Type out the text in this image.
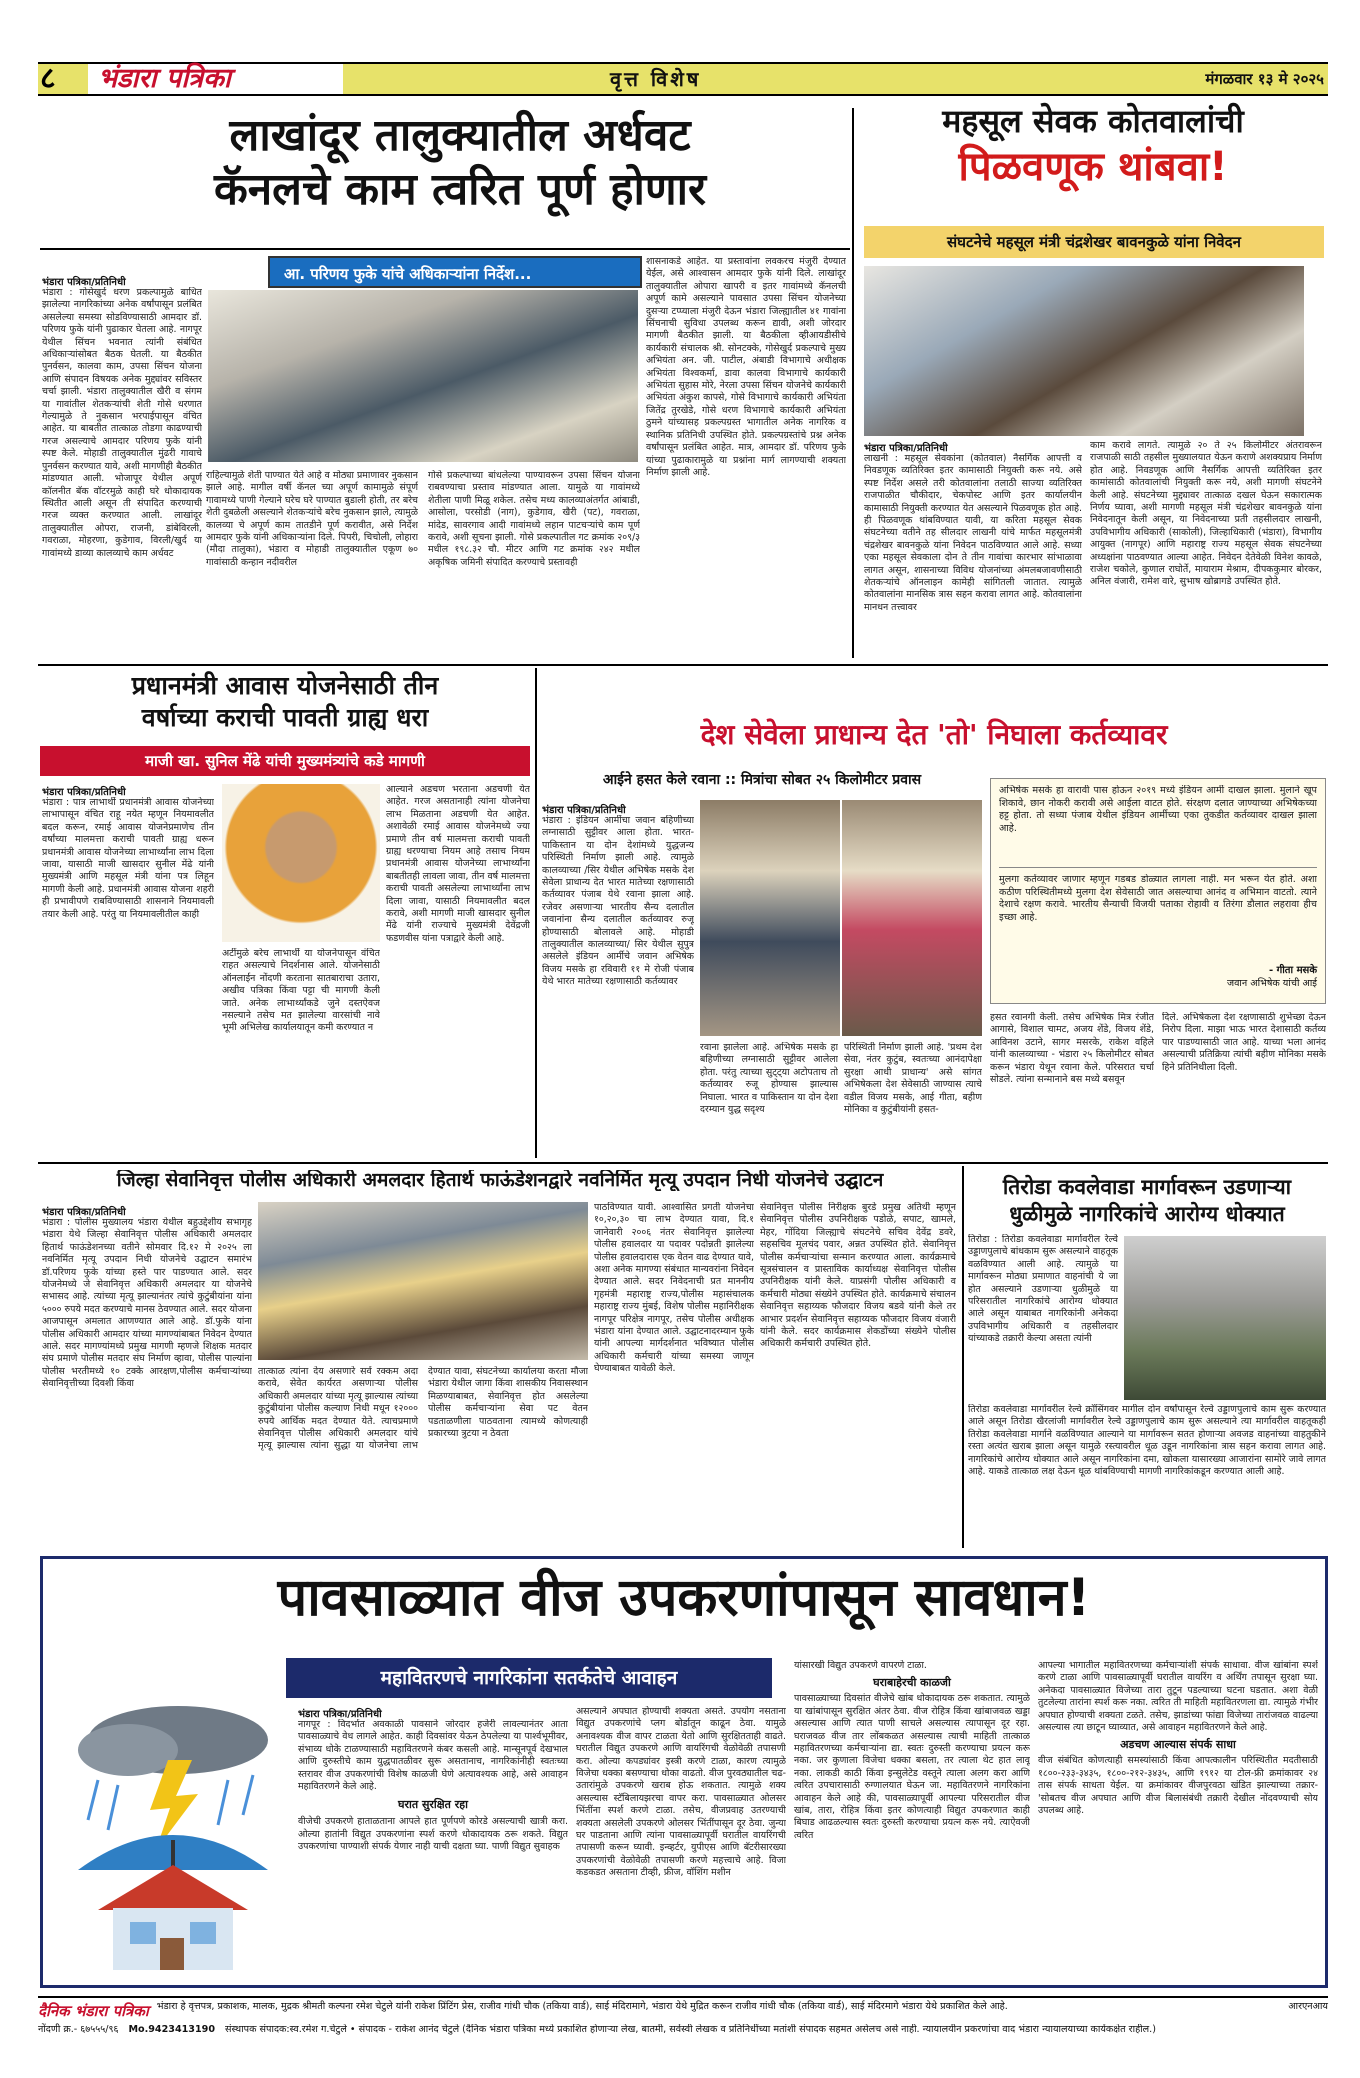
८	भंडारा पत्रिका	वृत्त विशेष	मंगळवार १३ मे २०२५
लाखांदूर तालुक्यातील अर्धवट
कॅनलचे काम त्वरित पूर्ण होणार
भंडारा पत्रिका/प्रतिनिधी
भंडारा : गोसेखुर्द धरण प्रकल्पामुळे बाधित झालेल्या नागरिकांच्या अनेक वर्षांपासून प्रलंबित असलेल्या समस्या सोडविण्यासाठी आमदार डॉ. परिणय फुके यांनी पुढाकार घेतला आहे. नागपूर येथील सिंचन भवनात त्यांनी संबंधित अधिकाऱ्यांसोबत बैठक घेतली. या बैठकीत पुनर्वसन, कालवा काम, उपसा सिंचन योजना आणि संपादन विषयक अनेक मुद्द्यांवर सविस्तर चर्चा झाली. भंडारा तालुक्यातील खैरी व संगम या गावांतील शेतकऱ्यांची शेती गोसे धरणात गेल्यामुळे ते नुकसान भरपाईपासून वंचित आहेत. या बाबतीत तात्काळ तोडगा काढण्याची गरज असल्याचे आमदार परिणय फुके यांनी स्पष्ट केले. मोहाडी तालुक्यातील मुंढरी गावाचे पुनर्वसन करण्यात यावे, अशी मागणीही बैठकीत मांडण्यात आली. भोजापूर येथील अपूर्ण कॉलनीत बॅक वॉटरमुळे काही घरे धोकादायक स्थितीत आली असून ती संपादित करण्याची गरज व्यक्त करण्यात आली. लाखांदूर तालुक्यातील ओपरा, राजनी, डांबेविरली, गवराळा, मोहरणा, कुडेगाव, विरली/खुर्द या गावांमध्ये डाव्या कालव्याचे काम अर्धवट
आ. परिणय फुके यांचे अधिकाऱ्यांना निर्देश...
राहिल्यामुळे शेती पाण्यात येते आहे व मोठ्या प्रमाणावर नुकसान झाले आहे. मागील वर्षी कॅनल च्या अपूर्ण कामामुळे संपूर्ण गावामध्ये पाणी गेल्याने घरेच घरे पाण्यात बुडाली होती, तर बरेच शेती दुबळेली असल्याने शेतकऱ्यांचे बरेच नुकसान झाले, त्यामुळे कालव्या चे अपूर्ण काम तातडीने पूर्ण करावीत, असे निर्देश आमदार फुके यांनी अधिकाऱ्यांना दिले. पिपरी, चिचोली, लोहारा (मौदा तालुका), भंडारा व मोहाडी तालुक्यातील एकूण ७० गावांसाठी कन्हान नदीवरील
गोसे प्रकल्पाच्या बांधलेल्या पाण्यावरून उपसा सिंचन योजना राबवण्याचा प्रस्ताव मांडण्यात आला. यामुळे या गावांमध्ये शेतीला पाणी मिळू शकेल. तसेच मध्य कालव्याअंतर्गत आंबाडी, आसोला, परसोडी (नाग), कुडेगाव, खैरी (पट), गवराळा, मांदेड, सावरगाव आदी गावांमध्ये लहान पाटचऱ्यांचे काम पूर्ण करावे, अशी सूचना झाली. गोसे प्रकल्पातील गट क्रमांक २०९/३ मधील १९८.३२ चौ. मीटर आणि गट क्रमांक २४२ मधील अकृषिक जमिनी संपादित करण्याचे प्रस्तावही
शासनाकडे आहेत. या प्रस्तावांना लवकरच मंजुरी देण्यात येईल, असे आश्वासन आमदार फुके यांनी दिले. लाखांदूर तालुक्यातील ओपारा खापरी व इतर गावांमध्ये कॅनलची अपूर्ण कामे असल्याने पावसात उपसा सिंचन योजनेच्या दुसऱ्या टप्प्याला मंजुरी देऊन भंडारा जिल्ह्यातील ४१ गावांना सिंचनाची सुविधा उपलब्ध करून द्यावी, अशी जोरदार मागणी बैठकीत झाली. या बैठकीला व्हीआयडीसीचे कार्यकारी संचालक श्री. सोनटक्के, गोसेखुर्द प्रकल्पाचे मुख्य अभियंता अन. जी. पाटील, अंबाडी विभागाचे अधीक्षक अभियंता विश्वकर्मा, डावा कालवा विभागाचे कार्यकारी अभियंता सुहास मोरे, नेरला उपसा सिंचन योजनेचे कार्यकारी अभियंता अंकुश कापसे, गोसे विभागाचे कार्यकारी अभियंता जितेंद्र तुरखेडे, गोसे धरण विभागाचे कार्यकारी अभियंता ठुमने यांच्यासह प्रकल्पग्रस्त भागातील अनेक नागरिक व स्थानिक प्रतिनिधी उपस्थित होते. प्रकल्पग्रस्तांचे प्रश्न अनेक वर्षांपासून प्रलंबित आहेत. मात्र, आमदार डॉ. परिणय फुके यांच्या पुढाकारामुळे या प्रश्नांना मार्ग लागण्याची शक्यता निर्माण झाली आहे.
महसूल सेवक कोतवालांची
पिळवणूक थांबवा!
संघटनेचे महसूल मंत्री चंद्रशेखर बावनकुळे यांना निवेदन
भंडारा पत्रिका/प्रतिनिधी
लाखनी : महसूल सेवकांना (कोतवाल) नैसर्गिक आपत्ती व निवडणूक व्यतिरिक्त इतर कामासाठी नियुक्ती करू नये. असे स्पष्ट निर्देश असले तरी कोतवालांना तलाठी साज्या व्यतिरिक्त राजपाळीत चौकीदार, चेकपोस्ट आणि इतर कार्यालयीन कामासाठी नियुक्ती करण्यात येत असल्याने पिळवणूक होत आहे. ही पिळवणूक थांबविण्यात यावी, या करिता महसूल सेवक संघटनेच्या वतीने तह सीलदार लाखनी यांचे मार्फत महसूलमंत्री चंद्रशेखर बावनकुळे यांना निवेदन पाठविण्यात आले आहे. सध्या एका महसूल सेवकाला दोन ते तीन गावांचा कारभार सांभाळावा लागत असून, शासनाच्या विविध योजनांच्या अंमलबजावणीसाठी शेतकऱ्यांचे ऑनलाइन कामेही सांगितली जातात. त्यामुळे कोतवालांना मानसिक त्रास सहन करावा लागत आहे. कोतवालांना मानधन तत्त्वावर
काम करावे लागते. त्यामुळे २० ते २५ किलोमीटर अंतरावरून राजपाळी साठी तहसील मुख्यालयात येऊन कराणे अशक्यप्राय निर्माण होत आहे. निवडणूक आणि नैसर्गिक आपत्ती व्यतिरिक्त इतर कामांसाठी कोतवालांची नियुक्ती करू नये, अशी मागणी संघटनेने केली आहे. संघटनेच्या मुद्द्यावर तात्काळ दखल घेऊन सकारात्मक निर्णय घ्यावा, अशी मागणी महसूल मंत्री चंद्रशेखर बावनकुळे यांना निवेदनातून केली असून, या निवेदनाच्या प्रती तहसीलदार लाखनी, उपविभागीय अधिकारी (साकोली), जिल्हाधिकारी (भंडारा), विभागीय आयुक्त (नागपूर) आणि महाराष्ट्र राज्य महसूल सेवक संघटनेच्या अध्यक्षांना पाठवण्यात आल्या आहेत. निवेदन देतेवेळी विनेश कावळे, राजेश चकोले, कुणाल राघोर्ते, मायाराम मेश्राम, दीपककुमार बोरकर, अनिल वंजारी, रामेश वारे, सुभाष खोब्रागडे उपस्थित होते.
प्रधानमंत्री आवास योजनेसाठी तीन
वर्षाच्या कराची पावती ग्राह्य धरा
माजी खा. सुनिल मेंढे यांची मुख्यमंत्र्यांचे कडे मागणी
भंडारा पत्रिका/प्रतिनिधी
भंडारा : पात्र लाभार्थी प्रधानमंत्री आवास योजनेच्या लाभापासून वंचित राहू नयेत म्हणून नियमावलीत बदल करून, रमाई आवास योजनेप्रमाणेच तीन वर्षांच्या मालमत्ता कराची पावती ग्राह्य धरून प्रधानमंत्री आवास योजनेच्या लाभार्थ्यांना लाभ दिला जावा, यासाठी माजी खासदार सुनील मेंढे यांनी मुख्यमंत्री आणि महसूल मंत्री यांना पत्र लिहून मागणी केली आहे. प्रधानमंत्री आवास योजना शहरी ही प्रभावीपणे राबविण्यासाठी शासनाने नियमावली तयार केली आहे. परंतु या नियमावलीतील काही
अटींमुळे बरेच लाभार्थी या योजनेपासून वंचित राहत असल्याचे निदर्शनास आले. योजनेसाठी ऑनलाईन नोंदणी करताना सातबाराचा उतारा, अखीव पत्रिका किंवा पट्टा ची मागणी केली जाते. अनेक लाभार्थ्यांकडे जुने दस्तऐवज नसल्याने तसेच मत झालेल्या वारसांची नावे भूमी अभिलेख कार्यालयातून कमी करण्यात न
आल्याने अडचण भरताना अडचणी येत आहेत. गरज असतानाही त्यांना योजनेचा लाभ मिळताना अडचणी येत आहेत. अशावेळी रमाई आवास योजनेमध्ये ज्या प्रमाणे तीन वर्ष मालमत्ता कराची पावती ग्राह्य धरण्याचा नियम आहे तसाच नियम प्रधानमंत्री आवास योजनेच्या लाभार्थ्यांना बाबतीतही लावला जावा, तीन वर्ष मालमत्ता कराची पावती असलेल्या लाभार्थ्यांना लाभ दिला जावा, यासाठी नियमावलीत बदल करावे, अशी मागणी माजी खासदार सुनील मेंढे यांनी राज्याचे मुख्यमंत्री देवेंद्रजी फडणवीस यांना पत्राद्वारे केली आहे.
देश सेवेला प्राधान्य देत 'तो' निघाला कर्तव्यावर
आईने हसत केले रवाना :: मित्रांचा सोबत २५ किलोमीटर प्रवास
भंडारा पत्रिका/प्रतिनिधी
भंडारा : इंडियन आर्मीचा जवान बहिणीच्या लग्नासाठी सुट्टीवर आला होता. भारत-पाकिस्तान या दोन देशांमध्ये युद्धजन्य परिस्थिती निर्माण झाली आहे. त्यामुळे कालव्याच्या /सिर येथील अभिषेक मसके देश सेवेला प्राधान्य देत भारत मातेच्या रक्षणासाठी कर्तव्यावर पंजाब येथे रवाना झाला आहे. रजेवर असणाऱ्या भारतीय सैन्य दलातील जवानांना सैन्य दलातील कर्तव्यावर रुजू होण्यासाठी बोलावले आहे. मोहाडी तालुक्यातील कालव्याच्या/ सिर येथील सुपुत्र असलेले इंडियन आर्मीचे जवान अभिषेक विजय मसके हा रविवारी ११ मे रोजी पंजाब येथे भारत मातेच्या रक्षणासाठी कर्तव्यावर
रवाना झालेला आहे. अभिषेक मसके हा बहिणीच्या लग्नासाठी सुट्टीवर आलेला होता. परंतु त्याच्या सुट्ट्या अटोपताच तो कर्तव्यावर रुजू होण्यास झाल्यास निघाला. भारत व पाकिस्तान या दोन देशा दरम्यान युद्ध सदृश्य
परिस्थिती निर्माण झाली आहे. 'प्रथम देश सेवा, नंतर कुटुंब, स्वतःच्या आनंदापेक्षा सुरक्षा आधी प्राधान्य' असे सांगत अभिषेकला देश सेवेसाठी जाण्यास त्याचे वडील विजय मसके, आई गीता, बहीण मोनिका व कुटुंबीयांनी हसत-
अभिषेक मसके हा वारावी पास होऊन २०१९ मध्ये इंडियन आर्मी दाखल झाला. मुलाने खूप शिकावे, छान नोकरी करावी असे आईला वाटत होते. संरक्षण दलात जाण्याच्या अभिषेकच्या हट्ट होता. तो सध्या पंजाब येथील इंडियन आर्मीच्या एका तुकडीत कर्तव्यावर दाखल झाला आहे.
मुलगा कर्तव्यावर जाणार म्हणून गडबड डोळ्यात लागला नाही. मन भरून येत होते. अशा कठीण परिस्थितीमध्ये मुलगा देश सेवेसाठी जात असल्याचा आनंद व अभिमान वाटतो. त्याने देशाचे रक्षण करावे. भारतीय सैन्याची विजयी पताका रोहावी व तिरंगा डौलात लहरावा हीच इच्छा आहे.
- गीता मसके
जवान अभिषेक यांची आई
हसत रवानगी केली. तसेच अभिषेक मित्र रंजीत आगासे, विशाल चामट, अजय शेंडे, विजय शेंडे, आविनश उटाने, सागर मसरके, राकेश वहिले यांनी कालव्याच्या - भंडारा २५ किलोमीटर सोबत करून भंडारा येथून रवाना केले. परिसरात चर्चा सोडले. त्यांना सन्मानाने बस मध्ये बसवून
दिले. अभिषेकला देश रक्षणासाठी शुभेच्छा देऊन निरोप दिला. माझा भाऊ भारत देशासाठी कर्तव्य पार पाडण्यासाठी जात आहे. याच्या भला आनंद असल्याची प्रतिक्रिया त्यांची बहीण मोनिका मसके हिने प्रतिनिधीला दिली.
जिल्हा सेवानिवृत्त पोलीस अधिकारी अमलदार हितार्थ फाऊंडेशनद्वारे नवनिर्मित मृत्यू उपदान निधी योजनेचे उद्घाटन
भंडारा पत्रिका/प्रतिनिधी
भंडारा : पोलीस मुख्यालय भंडारा येथील बहुउद्देशीय सभागृह भंडारा येथे जिल्हा सेवानिवृत्त पोलीस अधिकारी अमलदार हितार्थ फाऊंडेशनच्या वतीने सोमवार दि.१२ मे २०२५ ला नवनिर्मित मृत्यू उपदान निधी योजनेचे उद्घाटन समारंभ डॉ.परिणय फुके यांच्या हस्ते पार पाडण्यात आले. सदर योजनेमध्ये जे सेवानिवृत्त अधिकारी अमलदार या योजनेचे सभासद आहे. त्यांच्या मृत्यू झाल्यानंतर त्यांचे कुटुंबीयांना यांना ५००० रुपये मदत करण्याचे मानस ठेवण्यात आले. सदर योजना आजपासून अमलात आणण्यात आले आहे. डॉ.फुके यांना पोलीस अधिकारी आमदार यांच्या मागण्यांबाबत निवेदन देण्यात आले. सदर मागण्यांमध्ये प्रमुख मागणी म्हणजे शिक्षक मतदार संघ प्रमाणे पोलीस मतदार संघ निर्माण व्हावा, पोलीस पाल्यांना पोलीस भरतीमध्ये १० टक्के आरक्षण,पोलीस कर्मचाऱ्यांच्या सेवानिवृत्तीच्या दिवशी किंवा
तात्काळ त्यांना देय असणारे सर्व रक्कम अदा करावे, सेवेत कार्यरत असणाऱ्या पोलीस अधिकारी अमलदार यांच्या मृत्यू झाल्यास त्यांच्या कुटुंबीयांना पोलीस कल्याण निधी मधून १२००० रुपये आर्थिक मदत देण्यात येते. त्याचप्रमाणे सेवानिवृत्त पोलीस अधिकारी अमलदार यांचे मृत्यू झाल्यास त्यांना सुद्धा या योजनेचा लाभ देण्यात यावा, संघटनेच्या कार्यालया करता मौजा भंडारा येथील जागा किंवा शासकीय निवासस्थान मिळण्याबाबत, सेवानिवृत्त होत असलेल्या पोलीस कर्मचाऱ्यांना सेवा पट वेतन पडताळणीला पाठवताना त्यामध्ये कोणत्याही प्रकारच्या त्रुटया न ठेवता
पाठविण्यात यावी. आश्वासित प्रगती योजनेचा १०,२०,३० चा लाभ देण्यात यावा, दि.१ जानेवारी २००६ नंतर सेवानिवृत्त झालेल्या पोलीस हवालदार या पदावर पदोन्नती झालेल्या पोलीस हवालदारास एक वेतन वाढ देण्यात यावे, अशा अनेक मागण्या संबंधात मान्यवरांना निवेदन देण्यात आले. सदर निवेदनाची प्रत माननीय गृहमंत्री महाराष्ट्र राज्य,पोलीस महासंचालक महाराष्ट्र राज्य मुंबई, विशेष पोलीस महानिरीक्षक नागपूर परिक्षेत्र नागपूर, तसेच पोलीस अधीक्षक भंडारा यांना देण्यात आले. उद्घाटनादरम्यान फुके यांनी आपल्या मार्गदर्शनात भविष्यात पोलीस अधिकारी कर्मचारी यांच्या समस्या जाणून घेण्याबाबत यावेळी केले.
सेवानिवृत्त पोलीस निरीक्षक बुरडे प्रमुख अतिथी म्हणून सेवानिवृत्त पोलीस उपनिरीक्षक पडोळे, सपाट, खामले, मेहर, गोंदिया जिल्ह्याचे संघटनेचे सचिव देवेंद्र डवरे, सहसचिव मूलचंद पवार, अन्नत उपस्थित होते. सेवानिवृत्त पोलीस कर्मचाऱ्यांचा सन्मान करण्यात आला. कार्यक्रमाचे सूत्रसंचालन व प्रास्ताविक कार्याध्यक्ष सेवानिवृत्त पोलीस उपनिरीक्षक यांनी केले. याप्रसंगी पोलीस अधिकारी व कर्मचारी मोठ्या संख्येने उपस्थित होते. कार्यक्रमाचे संचालन सेवानिवृत्त सहाय्यक फौजदार विजय बडवे यांनी केले तर आभार प्रदर्शन सेवानिवृत्त सहाय्यक फौजदार विजय वंजारी यांनी केले. सदर कार्यक्रमास शेकडोंच्या संख्येने पोलीस अधिकारी कर्मचारी उपस्थित होते.
तिरोडा कवलेवाडा मार्गावरून उडणाऱ्या
धुळीमुळे नागरिकांचे आरोग्य धोक्यात
तिरोडा : तिरोडा कवलेवाडा मार्गावरील रेल्वे उड्डाणपुलाचे बांधकाम सुरू असल्याने वाहतूक वळविण्यात आली आहे. त्यामुळे या मार्गावरून मोठ्या प्रमाणात वाहनांची ये जा होत असल्याने उडणाऱ्या धुळीमुळे या परिसरातील नागरिकांचे आरोग्य धोक्यात आले असून याबाबत नागरिकांनी अनेकदा उपविभागीय अधिकारी व तहसीलदार यांच्याकडे तक्रारी केल्या असता त्यांनी
तिरोडा कवलेवाडा मार्गावरील रेल्वे क्रॉसिंगवर मागील दोन वर्षांपासून रेल्वे उड्डाणपुलाचे काम सुरू करण्यात आले असून तिरोडा खैरलांजी मार्गावरील रेल्वे उड्डाणपुलाचे काम सुरू असल्याने त्या मार्गावरील वाहतूकही तिरोडा कवलेवाडा मार्गाने वळविण्यात आल्याने या मार्गावरून सतत होणाऱ्या अवजड वाहनांच्या वाहतुकीने रस्ता अत्यंत खराब झाला असून यामुळे रस्त्यावरील धूळ उडून नागरिकांना त्रास सहन करावा लागत आहे. नागरिकांचे आरोग्य धोक्यात आले असून नागरिकांना दमा, खोकला यासारख्या आजारांना सामोरे जावे लागत आहे. याकडे तात्काळ लक्ष देऊन धूळ थांबविण्याची मागणी नागरिकांकडून करण्यात आली आहे.
पावसाळ्यात वीज उपकरणांपासून सावधान!
महावितरणचे नागरिकांना सतर्कतेचे आवाहन
भंडारा पत्रिका/प्रतिनिधी
नागपूर : विदर्भात अवकाळी पावसाने जोरदार हजेरी लावल्यानंतर आता पावसाळ्याचे वेध लागले आहेत. काही दिवसांवर येऊन ठेपलेल्या या पार्श्वभूमीवर, संभाव्य धोके टाळण्यासाठी महावितरणने कंबर कसली आहे. मान्सूनपूर्व देखभाल आणि दुरुस्तीचे काम युद्धपातळीवर सुरू असतानाच, नागरिकांनीही स्वतःच्या स्तरावर वीज उपकरणांची विशेष काळजी घेणे अत्यावश्यक आहे, असे आवाहन महावितरणने केले आहे.
घरात सुरक्षित रहा
वीजेची उपकरणे हाताळताना आपले हात पूर्णपणे कोरडे असल्याची खात्री करा. ओल्या हातांनी विद्युत उपकरणांना स्पर्श करणे धोकादायक ठरू शकते. विद्युत उपकरणांचा पाण्याशी संपर्क येणार नाही याची दक्षता घ्या. पाणी विद्युत सुवाहक
असल्याने अपघात होण्याची शक्यता असते. उपयोग नसताना विद्युत उपकरणांचे प्लग बोर्डातून काढून ठेवा. यामुळे अनावश्यक वीज वापर टाळता येतो आणि सुरक्षितताही वाढते. घरातील विद्युत उपकरणे आणि वायरिंगची वेळोवेळी तपासणी करा. ओल्या कपड्यांवर इस्त्री करणे टाळा, कारण त्यामुळे विजेचा धक्का बसण्याचा धोका वाढतो. वीज पुरवठ्यातील चढ-उतारांमुळे उपकरणे खराब होऊ शकतात. त्यामुळे शक्य असल्यास स्टॅबिलायझरचा वापर करा. पावसाळ्यात ओलसर भिंतींना स्पर्श करणे टाळा. तसेच, वीजप्रवाह उतरण्याची शक्यता असलेली उपकरणे ओलसर भिंतींपासून दूर ठेवा. जुन्या घर पाडताना आणि त्यांना पावसाळ्यापूर्वी घरातील वायरिंगची तपासणी करून घ्यावी. इन्व्हर्टर, युपीएस आणि बॅटरीसारख्या उपकरणांची वेळोवेळी तपासणी करणे महत्त्वाचे आहे. विजा कडकडत असताना टीव्ही, फ्रीज, वॉशिंग मशीन
यांसारखी विद्युत उपकरणे वापरणे टाळा.
घराबाहेरची काळजी
पावसाळ्याच्या दिवसांत वीजेचे खांब धोकादायक ठरू शकतात. त्यामुळे या खांबांपासून सुरक्षित अंतर ठेवा. वीज रोहित्र किंवा खांबाजवळ खड्डा असल्यास आणि त्यात पाणी साचले असल्यास त्यापासून दूर रहा. घराजवळ वीज तार लोंबकळत असल्यास त्याची माहिती तात्काळ महावितरणच्या कर्मचाऱ्यांना द्या. स्वतः दुरुस्ती करण्याचा प्रयत्न करू नका. जर कुणाला विजेचा धक्का बसला, तर त्याला थेट हात लावू नका. लाकडी काठी किंवा इन्सुलेटेड वस्तूने त्याला अलग करा आणि त्वरित उपचारासाठी रुग्णालयात घेऊन जा. महावितरणने नागरिकांना आवाहन केले आहे की, पावसाळ्यापूर्वी आपल्या परिसरातील वीज खांब, तारा, रोहित्र किंवा इतर कोणत्याही विद्युत उपकरणात काही बिघाड आढळल्यास स्वतः दुरुस्ती करण्याचा प्रयत्न करू नये. त्याऐवजी त्वरित
आपल्या भागातील महावितरणच्या कर्मचाऱ्यांशी संपर्क साधावा. वीज खांबांना स्पर्श करणे टाळा आणि पावसाळ्यापूर्वी घरातील वायरिंग व अर्थिंग तपासून सुरक्षा घ्या. अनेकदा पावसाळ्यात विजेच्या तारा तुटून पडल्याच्या घटना घडतात. अशा वेळी तुटलेल्या तारांना स्पर्श करू नका. त्वरित ती माहिती महावितरणला द्या. त्यामुळे गंभीर अपघात होण्याची शक्यता टळते. तसेच, झाडांच्या फांद्या विजेच्या तारांजवळ वाढल्या असल्यास त्या छाटून घ्याव्यात, असे आवाहन महावितरणने केले आहे.
अडचण आल्यास संपर्क साधा
वीज संबंधित कोणत्याही समस्यांसाठी किंवा आपत्कालीन परिस्थितीत मदतीसाठी १८००-२३३-३४३५, १८००-२१२-३४३५, आणि १९१२ या टोल-फ्री क्रमांकावर २४ तास संपर्क साधता येईल. या क्रमांकावर वीजपुरवठा खंडित झाल्याच्या तक्रार-'सोबतच वीज अपघात आणि वीज बिलासंबंधी तक्रारी देखील नोंदवण्याची सोय उपलब्ध आहे.
दैनिक भंडारा पत्रिका भंडारा हे वृत्तपत्र, प्रकाशक, मालक, मुद्रक श्रीमती कल्पना रमेश चेटुले यांनी राकेश प्रिंटिंग प्रेस, राजीव गांधी चौक (तकिया वार्ड), साई मंदिरामागे, भंडारा येथे मुद्रित करून राजीव गांधी चौक (तकिया वार्ड), साई मंदिरमागे भंडारा येथे प्रकाशित केले आहे.	आरएनआय
नोंदणी क्र.- ६७५५५/९६ Mo.9423413190 संस्थापक संपादक:स्व.रमेश ग.चेटुले • संपादक - राकेश आनंद चेटुले (दैनिक भंडारा पत्रिका मध्ये प्रकाशित होणाऱ्या लेख, बातमी, सर्वस्वी लेखक व प्रतिनिधींच्या मतांशी संपादक सहमत असेलच असे नाही. न्यायालयीन प्रकरणांचा वाद भंडारा न्यायालयाच्या कार्यकक्षेत राहील.)
